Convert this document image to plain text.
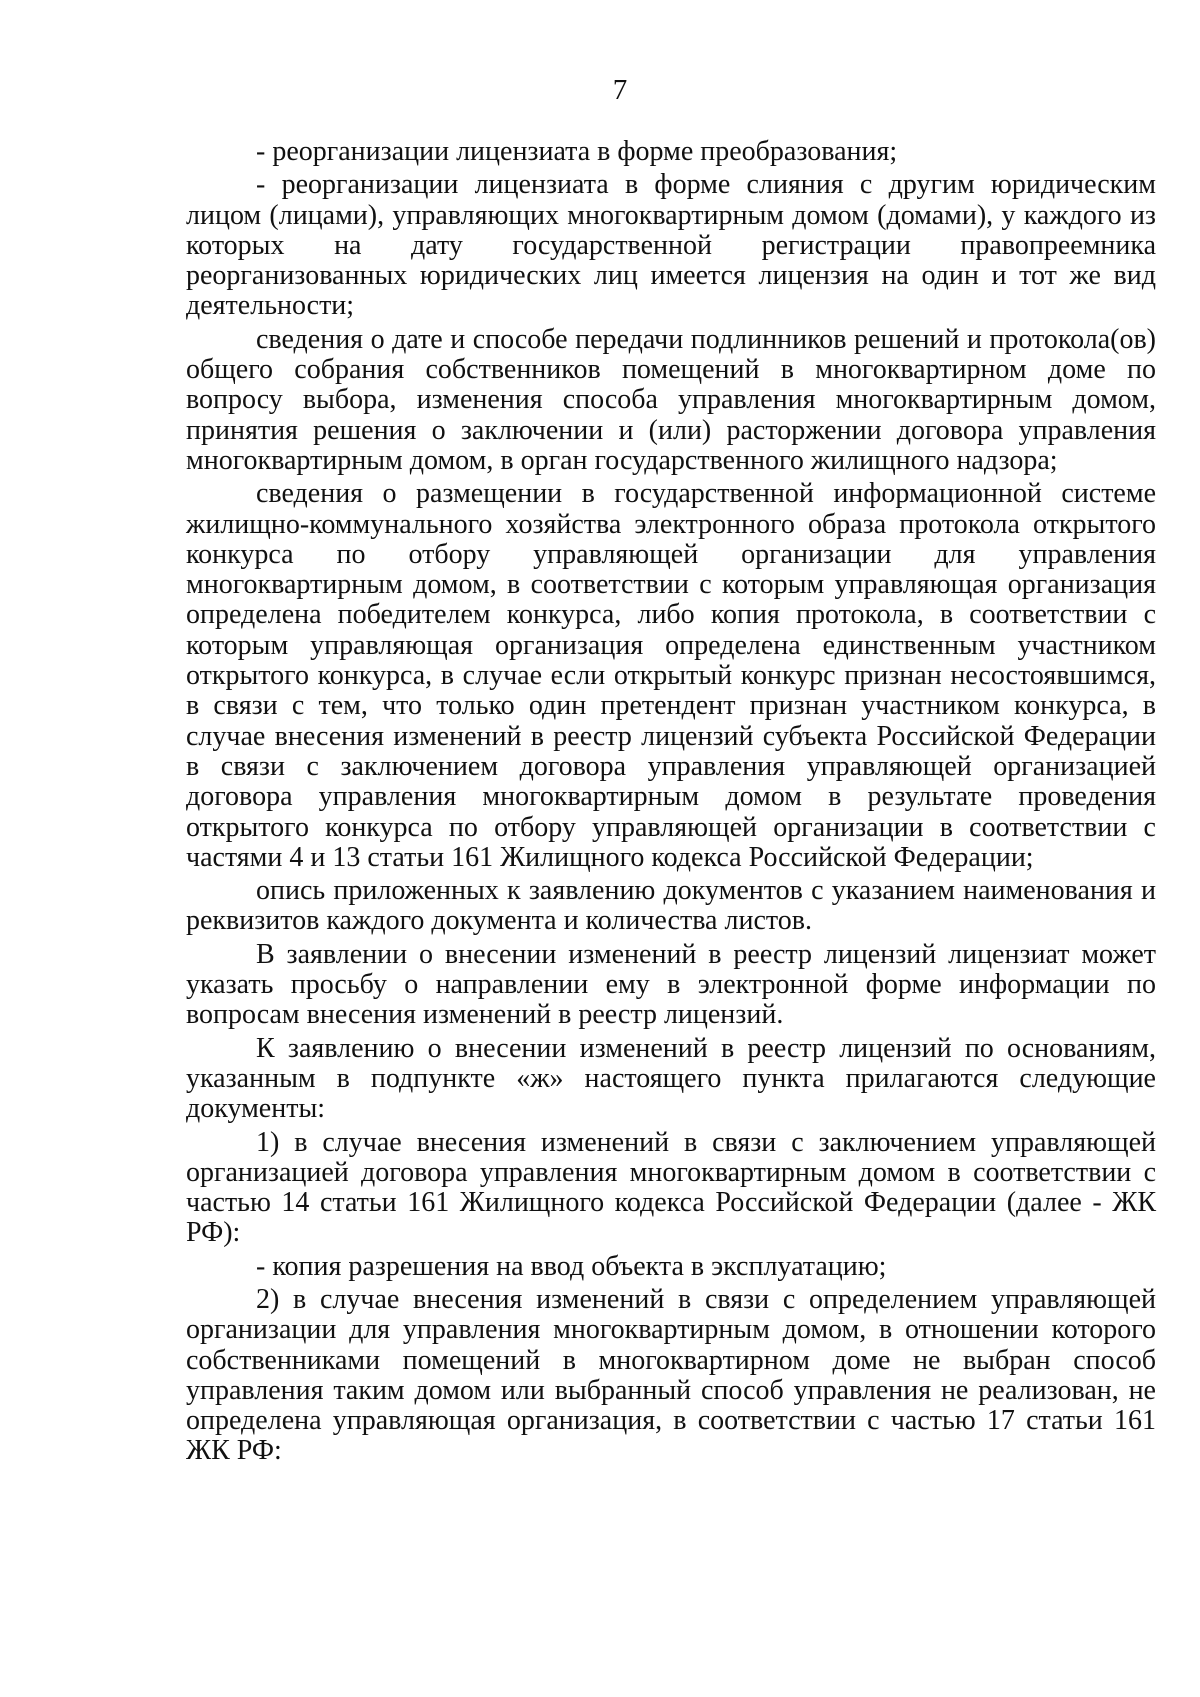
7

- реорганизации лицензиата в форме преобразования;

- реорганизации лицензиата в форме слияния с другим юридическим лицом (лицами), управляющих многоквартирным домом (домами), у каждого из которых на дату государственной регистрации правопреемника реорганизованных юридических лиц имеется лицензия на один и тот же вид деятельности;

сведения о дате и способе передачи подлинников решений и протокола(ов) общего собрания собственников помещений в многоквартирном доме по вопросу выбора, изменения способа управления многоквартирным домом, принятия решения о заключении и (или) расторжении договора управления многоквартирным домом, в орган государственного жилищного надзора;

сведения о размещении в государственной информационной системе жилищно-коммунального хозяйства электронного образа протокола открытого конкурса по отбору управляющей организации для управления многоквартирным домом, в соответствии с которым управляющая организация определена победителем конкурса, либо копия протокола, в соответствии с которым управляющая организация определена единственным участником открытого конкурса, в случае если открытый конкурс признан несостоявшимся, в связи с тем, что только один претендент признан участником конкурса, в случае внесения изменений в реестр лицензий субъекта Российской Федерации в связи с заключением договора управления управляющей организацией договора управления многоквартирным домом в результате проведения открытого конкурса по отбору управляющей организации в соответствии с частями 4 и 13 статьи 161 Жилищного кодекса Российской Федерации;

опись приложенных к заявлению документов с указанием наименования и реквизитов каждого документа и количества листов.

В заявлении о внесении изменений в реестр лицензий лицензиат может указать просьбу о направлении ему в электронной форме информации по вопросам внесения изменений в реестр лицензий.

К заявлению о внесении изменений в реестр лицензий по основаниям, указанным в подпункте «ж» настоящего пункта прилагаются следующие документы:

1) в случае внесения изменений в связи с заключением управляющей организацией договора управления многоквартирным домом в соответствии с частью 14 статьи 161 Жилищного кодекса Российской Федерации (далее - ЖК РФ):

- копия разрешения на ввод объекта в эксплуатацию;

2) в случае внесения изменений в связи с определением управляющей организации для управления многоквартирным домом, в отношении которого собственниками помещений в многоквартирном доме не выбран способ управления таким домом или выбранный способ управления не реализован, не определена управляющая организация, в соответствии с частью 17 статьи 161 ЖК РФ:
